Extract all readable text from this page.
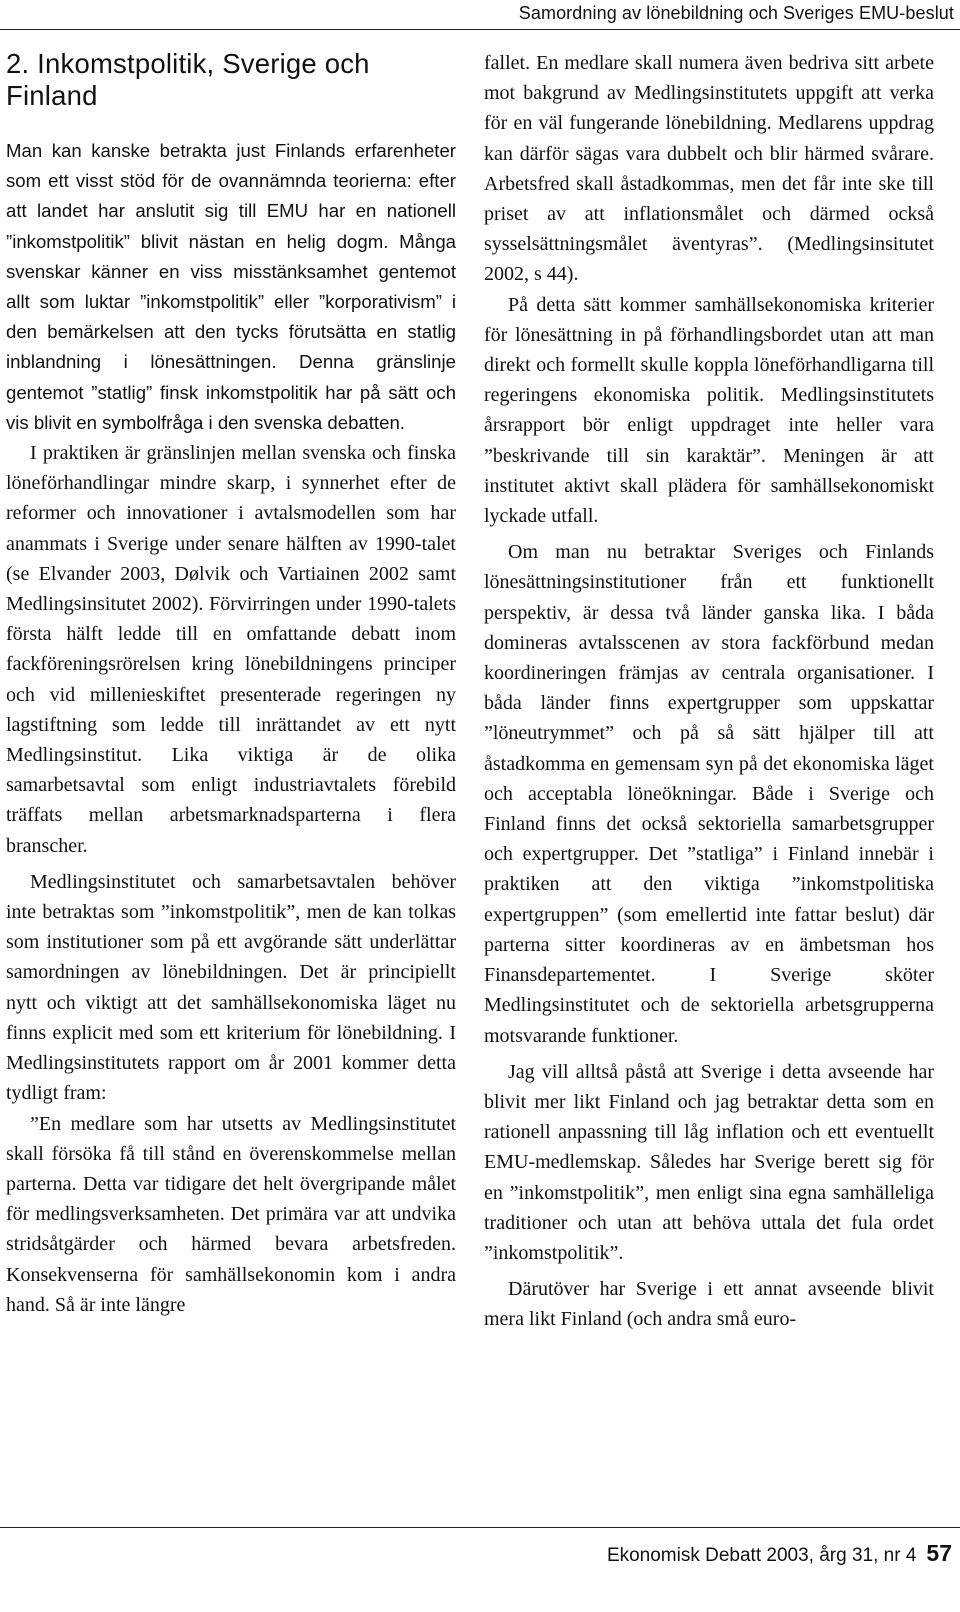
Samordning av lönebildning och Sveriges EMU-beslut
2. Inkomstpolitik, Sverige och Finland

Man kan kanske betrakta just Finlands erfarenheter som ett visst stöd för de ovannämnda teorierna: efter att landet har anslutit sig till EMU har en nationell ”inkomstpolitik” blivit nästan en helig dogm. Många svenskar känner en viss misstänksamhet gentemot allt som luktar ”inkomstpolitik” eller ”korporativism” i den bemärkelsen att den tycks förutsätta en statlig inblandning i lönesättningen. Denna gränslinje gentemot ”statlig” finsk inkomstpolitik har på sätt och vis blivit en symbolfråga i den svenska debatten.

I praktiken är gränslinjen mellan svenska och finska löneförhandlingar mindre skarp, i synnerhet efter de reformer och innovationer i avtalsmodellen som har anammats i Sverige under senare hälften av 1990-talet (se Elvander 2003, Dølvik och Vartiainen 2002 samt Medlingsinsitutet 2002). Förvirringen under 1990-talets första hälft ledde till en omfattande debatt inom fackföreningsrörelsen kring lönebildningens principer och vid millenieskiftet presenterade regeringen ny lagstiftning som ledde till inrättandet av ett nytt Medlingsinstitut. Lika viktiga är de olika samarbetsavtal som enligt industriavtalets förebild träffats mellan arbetsmarknadsparterna i flera branscher.

Medlingsinstitutet och samarbetsavtalen behöver inte betraktas som ”inkomstpolitik”, men de kan tolkas som institutioner som på ett avgörande sätt underlättar samordningen av lönebildningen. Det är principiellt nytt och viktigt att det samhällsekonomiska läget nu finns explicit med som ett kriterium för lönebildning. I Medlingsinstitutets rapport om år 2001 kommer detta tydligt fram:

”En medlare som har utsetts av Medlingsinstitutet skall försöka få till stånd en överenskommelse mellan parterna. Detta var tidigare det helt övergripande målet för medlingsverksamheten. Det primära var att undvika stridsåtgärder och härmed bevara arbetsfreden. Konsekvenserna för samhällsekonomin kom i andra hand. Så är inte längre

fallet. En medlare skall numera även bedriva sitt arbete mot bakgrund av Medlingsinstitutets uppgift att verka för en väl fungerande lönebildning. Medlarens uppdrag kan därför sägas vara dubbelt och blir härmed svårare. Arbetsfred skall åstadkommas, men det får inte ske till priset av att inflationsmålet och därmed också sysselsättningsmålet äventyras”. (Medlingsinsitutet 2002, s 44).

På detta sätt kommer samhällsekonomiska kriterier för lönesättning in på förhandlingsbordet utan att man direkt och formellt skulle koppla löneförhandligarna till regeringens ekonomiska politik. Medlingsinstitutets årsrapport bör enligt uppdraget inte heller vara ”beskrivande till sin karaktär”. Meningen är att institutet aktivt skall plädera för samhällsekonomiskt lyckade utfall.

Om man nu betraktar Sveriges och Finlands lönesättningsinstitutioner från ett funktionellt perspektiv, är dessa två länder ganska lika. I båda domineras avtalsscenen av stora fackförbund medan koordineringen främjas av centrala organisationer. I båda länder finns expertgrupper som uppskattar ”löneutrymmet” och på så sätt hjälper till att åstadkomma en gemensam syn på det ekonomiska läget och acceptabla löneökningar. Både i Sverige och Finland finns det också sektoriella samarbetsgrupper och expertgrupper. Det ”statliga” i Finland innebär i praktiken att den viktiga ”inkomstpolitiska expertgruppen” (som emellertid inte fattar beslut) där parterna sitter koordineras av en ämbetsman hos Finansdepartementet. I Sverige sköter Medlingsinstitutet och de sektoriella arbetsgrupperna motsvarande funktioner.

Jag vill alltså påstå att Sverige i detta avseende har blivit mer likt Finland och jag betraktar detta som en rationell anpassning till låg inflation och ett eventuellt EMU-medlemskap. Således har Sverige berett sig för en ”inkomstpolitik”, men enligt sina egna samhälleliga traditioner och utan att behöva uttala det fula ordet ”inkomstpolitik”.

Därutöver har Sverige i ett annat avseende blivit mera likt Finland (och andra små euro-

Ekonomisk Debatt 2003, årg 31, nr 4 57
